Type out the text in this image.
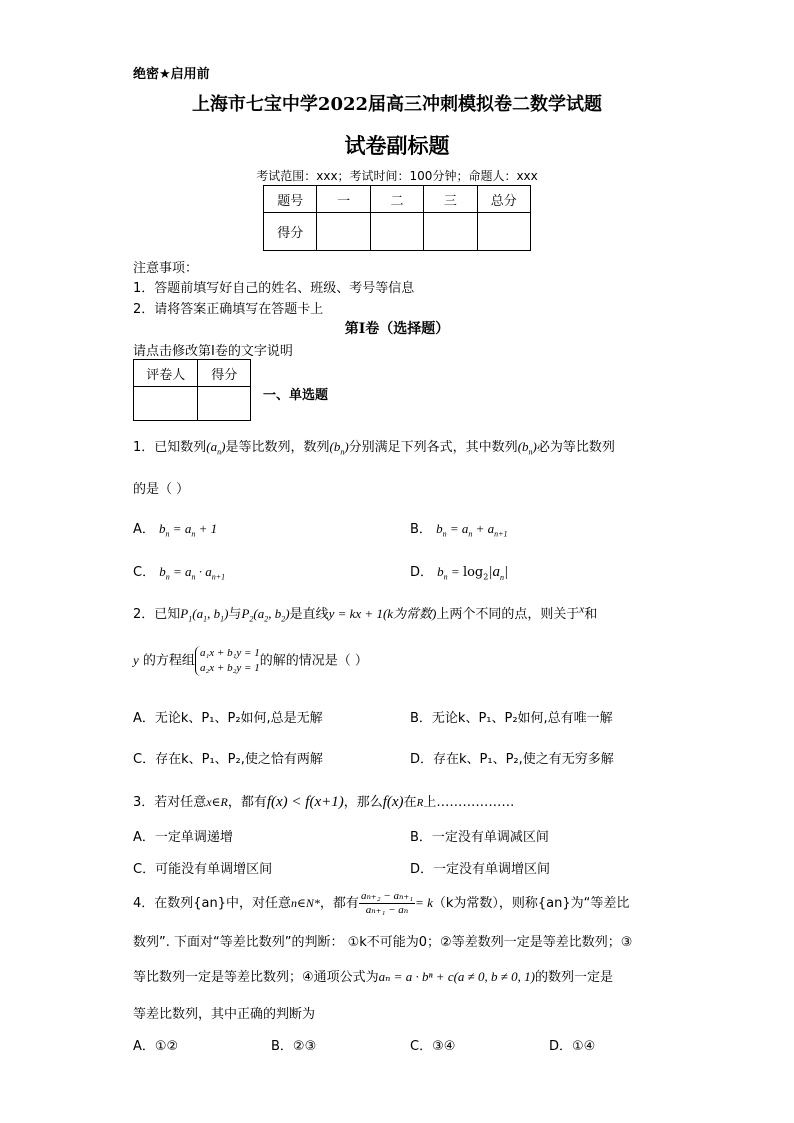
绝密★启用前
上海市七宝中学2022届高三冲刺模拟卷二数学试题
试卷副标题
考试范围：xxx；考试时间：100分钟；命题人：xxx
题号	一	二	三	总分
得分				
注意事项：
1．答题前填写好自己的姓名、班级、考号等信息
2．请将答案正确填写在答题卡上
第I卷（选择题）
请点击修改第I卷的文字说明
评卷人	得分

一、单选题
1．已知数列$(a_n)$是等比数列，数列$(b_n)$分别满足下列各式，其中数列$(b_n)$必为等比数列
的是（ ）
A． $b_n = a_n + 1$	B． $b_n = a_n + a_{n+1}$
C． $b_n = a_n \cdot a_{n+1}$	D． $b_n = \log_2|a_n|$
2．已知$P_1(a_1$, $b_1$)与$P_2(a_2$, $b_2$)是直线y = kx + 1(k为常数)上两个不同的点，则关于$^x$和
y 的方程组
a₁x + b₁y = 1
a₂x + b₂y = 1 的解的情况是（ ）
A．无论k、P₁、P₂如何,总是无解	B．无论k、P₁、P₂如何,总有唯一解
C．存在k、P₁、P₂,使之恰有两解	D．存在k、P₁、P₂,使之有无穷多解
3．若对任意x∈R，都有f(x) < f(x+1)，那么f(x)在R上………………
A．一定单调递增	B．一定没有单调减区间
C．可能没有单调增区间	D．一定没有单调增区间
4．在数列{an}中，对任意n∈N*，都有 $\frac{\text{aₙ₊₂ − aₙ₊₁}}{\text{aₙ₊₁ − aₙ}} = k(k$为常数），则称{an}为“等差比
数列”. 下面对“等差比数列”的判断： ①k不可能为0；②等差数列一定是等差比数列；③
等比数列一定是等差比数列；④通项公式为aₙ = a · bⁿ + c(a ≠ 0, b ≠ 0, 1)的数列一定是
等差比数列，其中正确的判断为
A．①②	B．②③	C．③④	D．①④
